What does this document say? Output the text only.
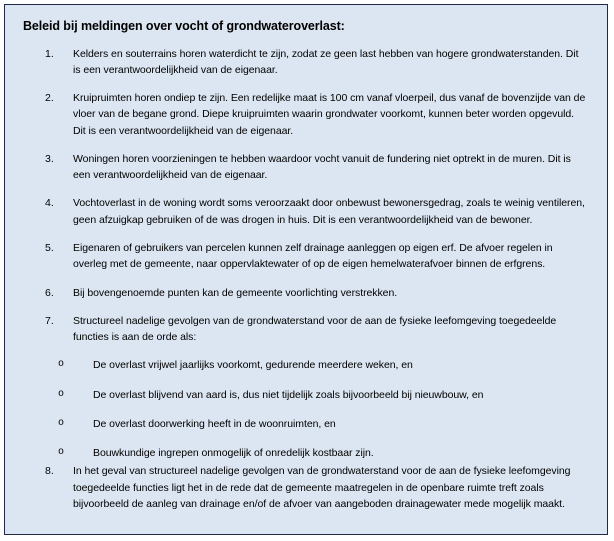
Beleid bij meldingen over vocht of grondwateroverlast:
1.	Kelders en souterrains horen waterdicht te zijn, zodat ze geen last hebben van hogere grondwaterstanden. Dit is een verantwoordelijkheid van de eigenaar.
2.	Kruipruimten horen ondiep te zijn. Een redelijke maat is 100 cm vanaf vloerpeil, dus vanaf de bovenzijde van de vloer van de begane grond. Diepe kruipruimten waarin grondwater voorkomt, kunnen beter worden opgevuld. Dit is een verantwoordelijkheid van de eigenaar.
3.	Woningen horen voorzieningen te hebben waardoor vocht vanuit de fundering niet optrekt in de muren. Dit is een verantwoordelijkheid van de eigenaar.
4.	Vochtoverlast in de woning wordt soms veroorzaakt door onbewust bewonersgedrag, zoals te weinig ventileren, geen afzuigkap gebruiken of de was drogen in huis. Dit is een verantwoordelijkheid van de bewoner.
5.	Eigenaren of gebruikers van percelen kunnen zelf drainage aanleggen op eigen erf. De afvoer regelen in overleg met de gemeente, naar oppervlaktewater of op de eigen hemelwaterafvoer binnen de erfgrens.
6.	Bij bovengenoemde punten kan de gemeente voorlichting verstrekken.
7.	Structureel nadelige gevolgen van de grondwaterstand voor de aan de fysieke leefomgeving toegedeelde functies is aan de orde als:
o	De overlast vrijwel jaarlijks voorkomt, gedurende meerdere weken, en
o	De overlast blijvend van aard is, dus niet tijdelijk zoals bijvoorbeeld bij nieuwbouw, en
o	De overlast doorwerking heeft in de woonruimten, en
o	Bouwkundige ingrepen onmogelijk of onredelijk kostbaar zijn.
8.	In het geval van structureel nadelige gevolgen van de grondwaterstand voor de aan de fysieke leefomgeving toegedeelde functies ligt het in de rede dat de gemeente maatregelen in de openbare ruimte treft zoals bijvoorbeeld de aanleg van drainage en/of de afvoer van aangeboden drainagewater mede mogelijk maakt.
